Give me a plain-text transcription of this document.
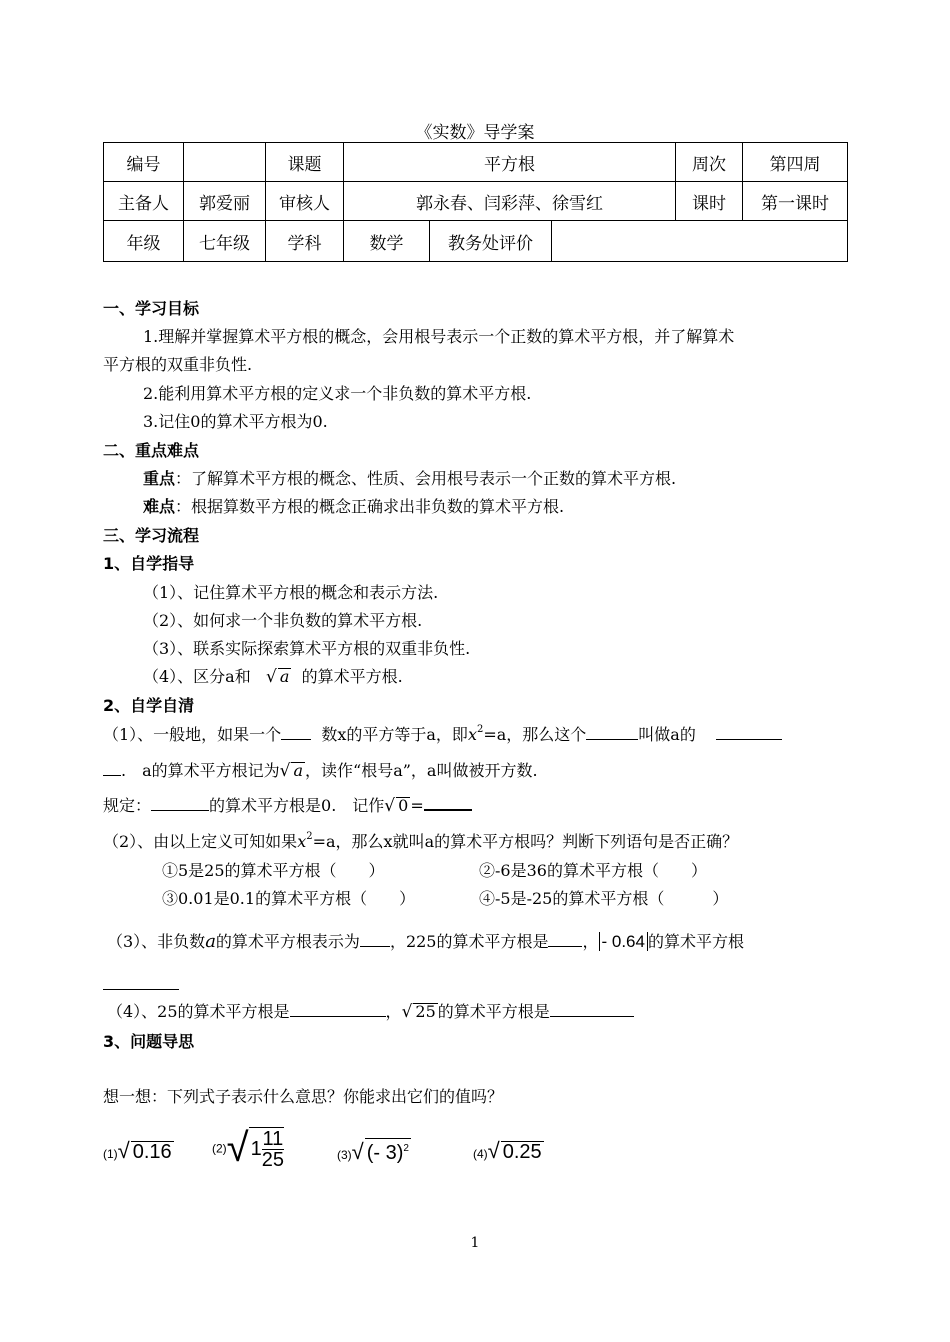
《实数》导学案
编号		课题	平方根			周次	第四周
主备人	郭爱丽	审核人	郭永春、闫彩萍、徐雪红			课时	第一课时
年级	七年级	学科	数学	教务处评价			
一、学习目标
1.理解并掌握算术平方根的概念，会用根号表示一个正数的算术平方根，并了解算术
平方根的双重非负性.
2.能利用算术平方根的定义求一个非负数的算术平方根.
3.记住0的算术平方根为0.
二、重点难点
重点：了解算术平方根的概念、性质、会用根号表示一个正数的算术平方根.
难点：根据算数平方根的概念正确求出非负数的算术平方根.
三、学习流程
1、自学指导
（1）、记住算术平方根的概念和表示方法.
（2）、如何求一个非负数的算术平方根.
（3）、联系实际探索算术平方根的双重非负性.
（4）、区分a和 √ a 的算术平方根.
2、自学自清
（1）、一般地，如果一个	数x的平方等于a，即$x^2=a$，那么这个	叫做a的
.　a的算术平方根记为√ a ，读作“根号a”，a叫做被开方数.
规定：	的算术平方根是0.　记作√ 0 =
（2）、由以上定义可知如果$x^2=a$，那么x就叫a的算术平方根吗？判断下列语句是否正确？
①5是25的算术平方根（　　）	②-6是36的算术平方根（　　）
③0.01是0.1的算术平方根（　　）	④-5是-25的算术平方根（　　　）
（3）、非负数a的算术平方根表示为 ，225的算术平方根是 ， - 0.64 的算术平方根
（4）、25的算术平方根是	，√ 25 的算术平方根是
3、问题导思
想一想：下列式子表示什么意思？你能求出它们的值吗？
(1)√ 0.16	(2)√ $1 \frac{11}{25}$	(3)√ (- 3)$^2$	(4)√ 0.25
1
